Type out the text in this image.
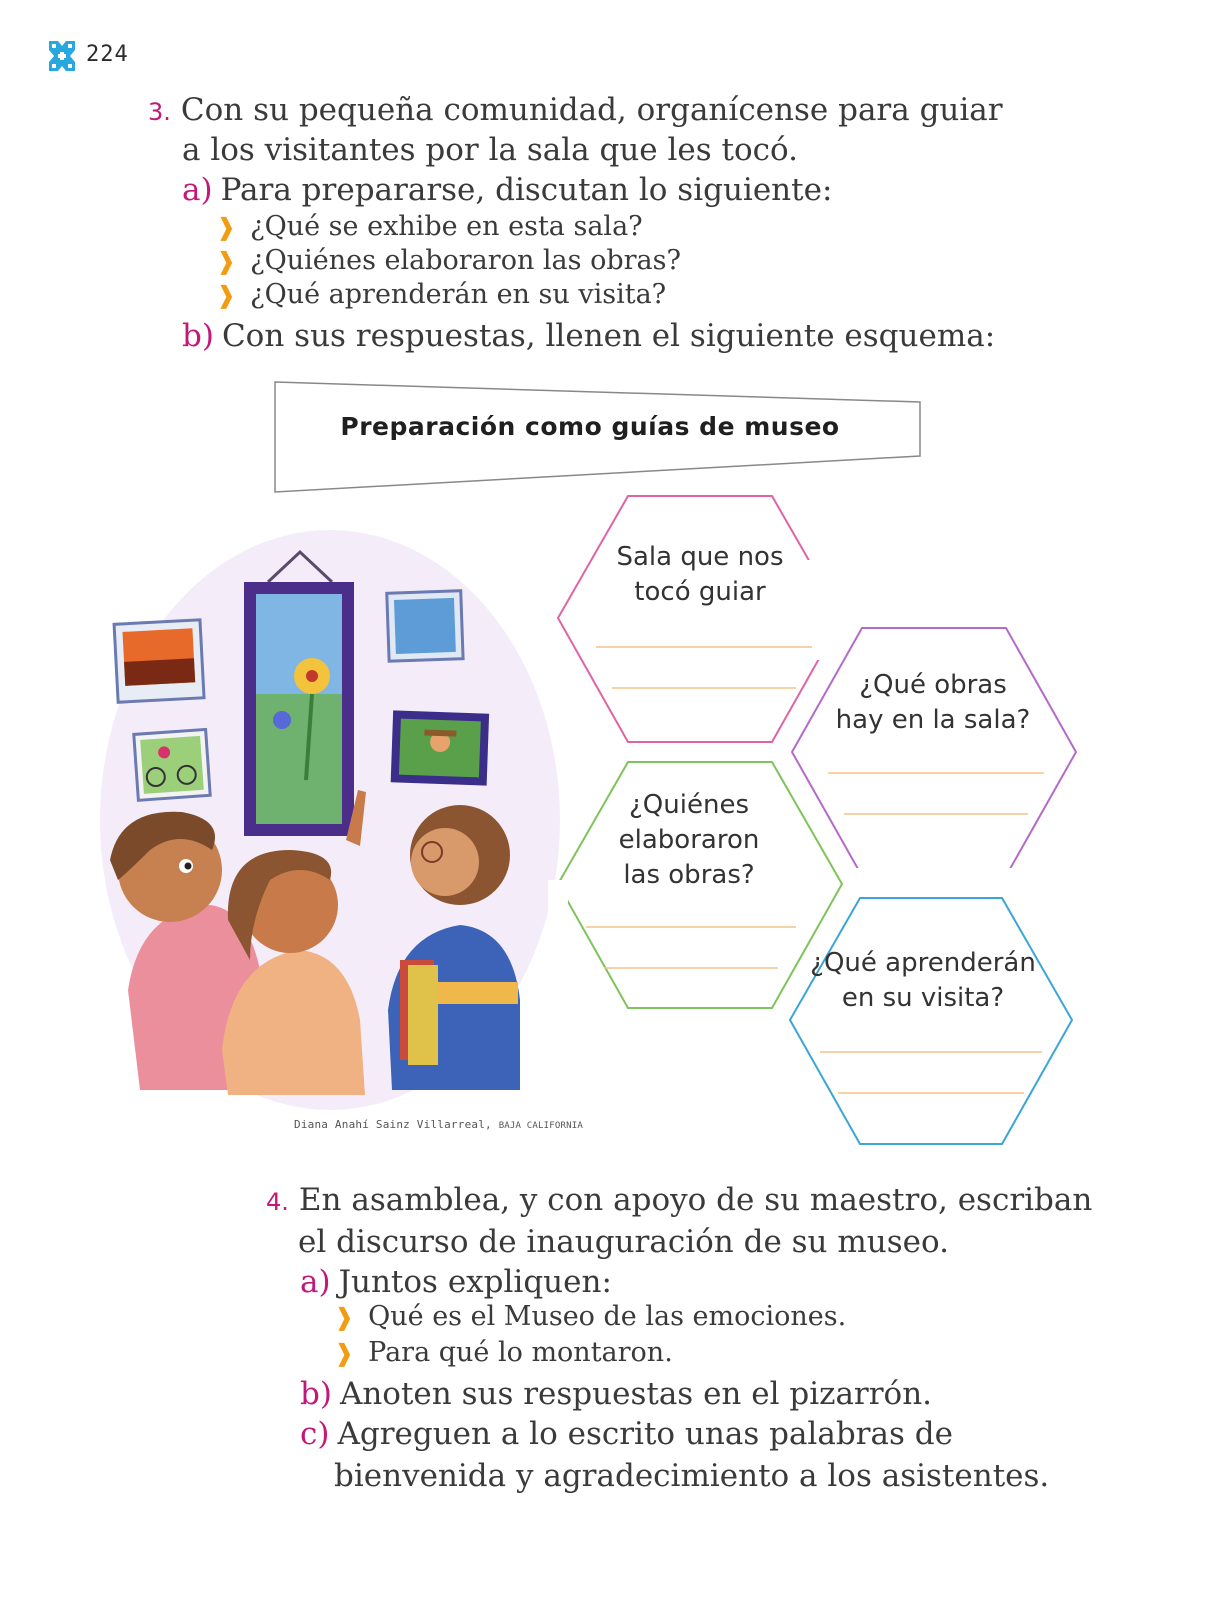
224
3. Con su pequeña comunidad, organícense para guiar
a los visitantes por la sala que les tocó.
a) Para prepararse, discutan lo siguiente:
❱ ¿Qué se exhibe en esta sala?
❱ ¿Quiénes elaboraron las obras?
❱ ¿Qué aprenderán en su visita?
b) Con sus respuestas, llenen el siguiente esquema:
Preparación como guías de museo
Sala que nos
tocó guiar
¿Qué obras
hay en la sala?
¿Quiénes
elaboraron
las obras?
¿Qué aprenderán
en su visita?
Diana Anahí Sainz Villarreal, BAJA CALIFORNIA
4. En asamblea, y con apoyo de su maestro, escriban
el discurso de inauguración de su museo.
a) Juntos expliquen:
❱ Qué es el Museo de las emociones.
❱ Para qué lo montaron.
b) Anoten sus respuestas en el pizarrón.
c) Agreguen a lo escrito unas palabras de
bienvenida y agradecimiento a los asistentes.
